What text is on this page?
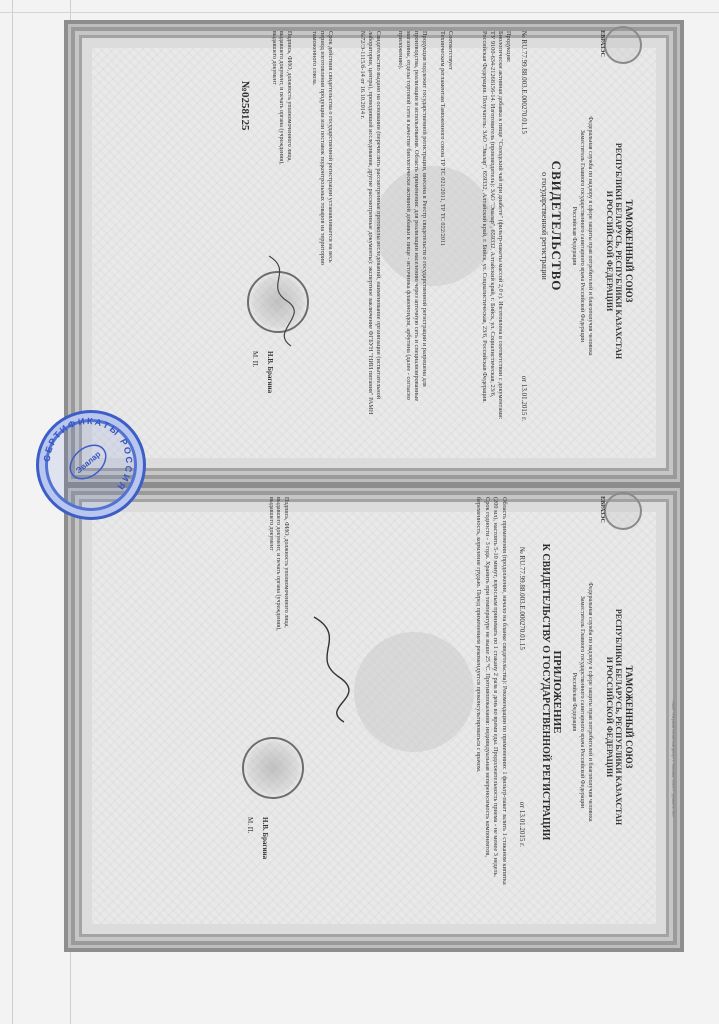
ЕВРАЗЭС
ТАМОЖЕННЫЙ СОЮЗ
РЕСПУБЛИКИ БЕЛАРУСЬ, РЕСПУБЛИКИ КАЗАХСТАН
И РОССИЙСКОЙ ФЕДЕРАЦИИ
Федеральная служба по надзору в сфере защиты прав потребителей и благополучия человека
Заместитель Главного государственного санитарного врача Российской Федерации
Российская Федерация
СВИДЕТЕЛЬСТВО
о государственной регистрации
№ RU.77.99.88.003.E.000270.01.15
от 13.01.2015 г.
Продукция:
Биологически активная добавка к пище "Солодский чай при диабете" (фильтр-пакеты массой 2,0 г). Изготовлена в соответствии с документами: ТУ 9100-634-21268156-14. Изготовитель (производитель): ЗАО "Эвалар", 659332, Алтайский край, г. Бийск, ул. Социалистическая, 23/6, Российская Федерация. Получатель: ЗАО "Эвалар", 659332, Алтайский край, г. Бийск, ул. Социалистическая, 23/6, Российская Федерация.
Соответствует
Техническим регламентам Таможенного союза ТР ТС 021/2011, ТР ТС 022/2011
Продукция подлежит государственной регистрации, внесена в Реестр свидетельств о государственной регистрации и разрешена для производства, реализации и использования. Область применения: для реализации населению через аптечную сеть и специализированные магазины, отделы торговой сети в качестве биологически активной добавки к пище - источника флавоноидов, арбутина (далее - согласно приложению).
Свидетельство выдано на основании (перечислить рассмотренные протоколы исследований, наименование организации (испытательной лаборатории, центра), проводившей исследования, другие рассмотренные документы): экспертное заключение ФГБУН "НИИ питания" РАМН №72/Э-1115/б-14 от 16.10.2014 г.
Срок действия свидетельства о государственной регистрации устанавливается на весь период изготовления продукции или поставок подконтрольных товаров на территорию таможенного союза.
Подпись, ФИО, должность уполномоченного лица, выдавшего документ, и печать органа (учреждения), выдавшего документ
Н.В. Брагина
М. П.
№0258125
ЕВРАЗЭС
ТАМОЖЕННЫЙ СОЮЗ
РЕСПУБЛИКИ БЕЛАРУСЬ, РЕСПУБЛИКИ КАЗАХСТАН
И РОССИЙСКОЙ ФЕДЕРАЦИИ
Федеральная служба по надзору в сфере защиты прав потребителей и благополучия человека
Заместитель Главного государственного санитарного врача Российской Федерации
Российская Федерация
ПРИЛОЖЕНИЕ
К СВИДЕТЕЛЬСТВУ О ГОСУДАРСТВЕННОЙ РЕГИСТРАЦИИ
№ RU.77.99.88.003.E.000270.01.15
от 13.01.2015 г.
Область применения (продолжение, начало на бланке свидетельства): Рекомендации по применению: 1 фильтр-пакет залить 1 стаканом кипятка (200 мл), настоять 5-10 минут, взрослым принимать по 1 стакану 2 раза в день во время еды. Продолжительность приема - не менее 3 недель. Срок годности - 3 года. Хранить при температуре не выше 25 °С. Противопоказания: индивидуальная непереносимость компонентов, беременность, кормление грудью. Перед применением рекомендуется проконсультироваться с врачом.
Подпись, ФИО, должность уполномоченного лица, выдавшего документ, и печать органа (учреждения), выдавшего документ
Н.В. Брагина
М. П.
СЕРТИФИКАТЫ РОССИЯ
Эвалар
«ЗАО «Первый печатный двор» г. Москва, 2013 г., уровень «Б»
